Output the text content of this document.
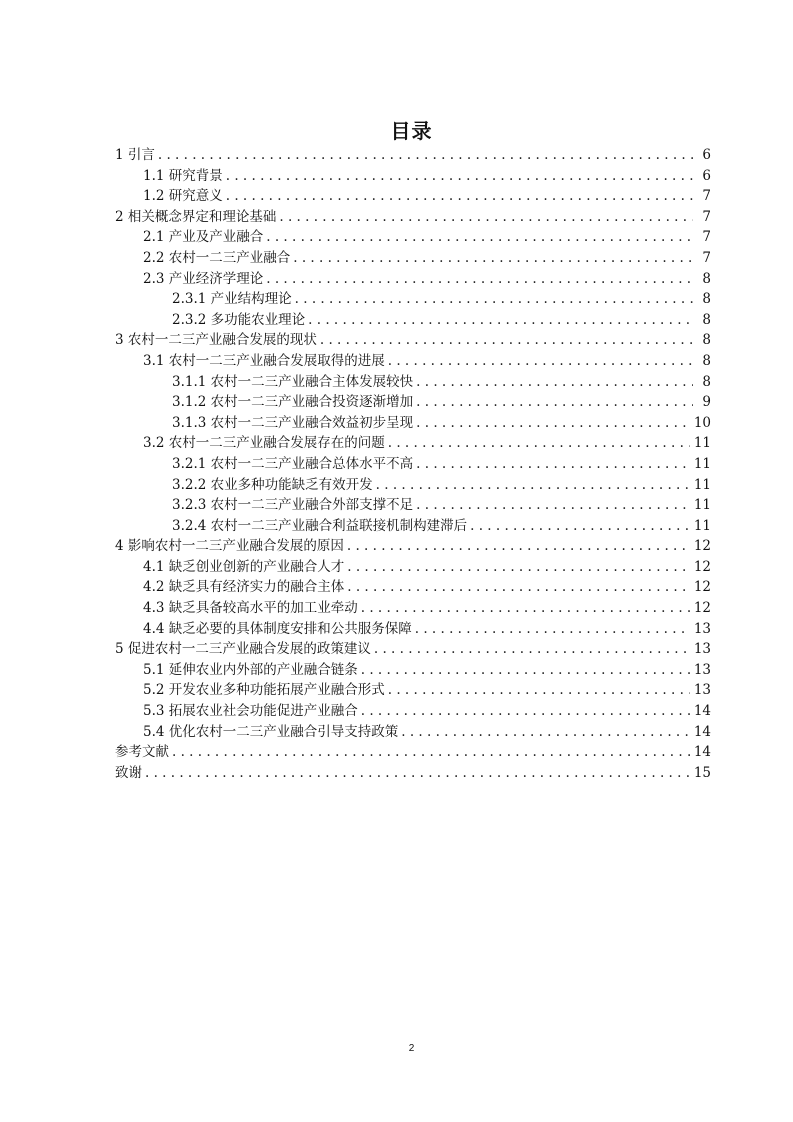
目录
1 引言 . . .	6
1.1 研究背景 . . .	6
1.2 研究意义 . . .	7
2 相关概念界定和理论基础 . . .	7
2.1 产业及产业融合 . . .	7
2.2 农村一二三产业融合 . . .	7
2.3 产业经济学理论 . . .	8
2.3.1 产业结构理论 . . .	8
2.3.2 多功能农业理论 . . .	8
3 农村一二三产业融合发展的现状 . . .	8
3.1 农村一二三产业融合发展取得的进展 . . .	8
3.1.1 农村一二三产业融合主体发展较快 . . .	8
3.1.2 农村一二三产业融合投资逐渐增加 . . .	9
3.1.3 农村一二三产业融合效益初步呈现 . . .	10
3.2 农村一二三产业融合发展存在的问题 . . .	11
3.2.1 农村一二三产业融合总体水平不高 . . .	11
3.2.2 农业多种功能缺乏有效开发 . . .	11
3.2.3 农村一二三产业融合外部支撑不足 . . .	11
3.2.4 农村一二三产业融合利益联接机制构建滞后 . . .	11
4 影响农村一二三产业融合发展的原因 . . .	12
4.1 缺乏创业创新的产业融合人才 . . .	12
4.2 缺乏具有经济实力的融合主体 . . .	12
4.3 缺乏具备较高水平的加工业牵动 . . .	12
4.4 缺乏必要的具体制度安排和公共服务保障 . . .	13
5 促进农村一二三产业融合发展的政策建议 . . .	13
5.1 延伸农业内外部的产业融合链条 . . .	13
5.2 开发农业多种功能拓展产业融合形式 . . .	13
5.3 拓展农业社会功能促进产业融合 . . .	14
5.4 优化农村一二三产业融合引导支持政策 . . .	14
参考文献 . . .	14
致谢 . . .	15
2
